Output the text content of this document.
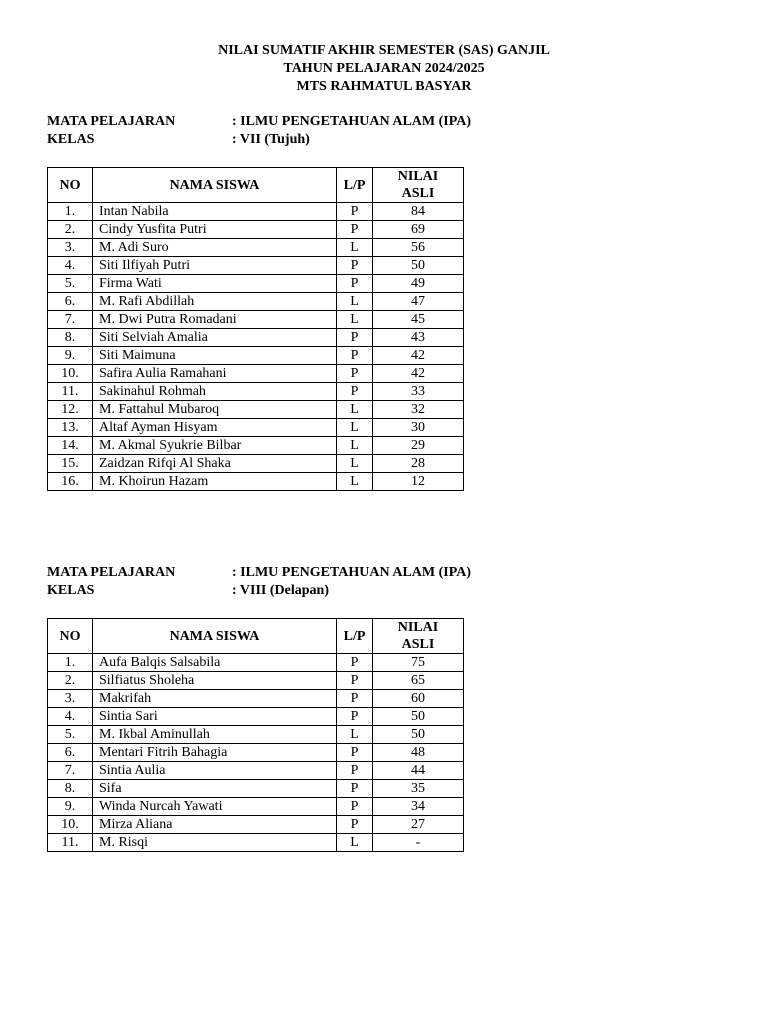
NILAI SUMATIF AKHIR SEMESTER (SAS) GANJIL
TAHUN PELAJARAN 2024/2025
MTS RAHMATUL BASYAR
MATA PELAJARAN	: ILMU PENGETAHUAN ALAM (IPA)
KELAS	: VII (Tujuh)
NO	NAMA SISWA	L/P	NILAI
ASLI
1.	Intan Nabila	P	84
2.	Cindy Yusfita Putri	P	69
3.	M. Adi Suro	L	56
4.	Siti Ilfiyah Putri	P	50
5.	Firma Wati	P	49
6.	M. Rafi Abdillah	L	47
7.	M. Dwi Putra Romadani	L	45
8.	Siti Selviah Amalia	P	43
9.	Siti Maimuna	P	42
10.	Safira Aulia Ramahani	P	42
11.	Sakinahul Rohmah	P	33
12.	M. Fattahul Mubaroq	L	32
13.	Altaf Ayman Hisyam	L	30
14.	M. Akmal Syukrie Bilbar	L	29
15.	Zaidzan Rifqi Al Shaka	L	28
16.	M. Khoirun Hazam	L	12
MATA PELAJARAN	: ILMU PENGETAHUAN ALAM (IPA)
KELAS	: VIII (Delapan)
NO	NAMA SISWA	L/P	NILAI
ASLI
1.	Aufa Balqis Salsabila	P	75
2.	Silfiatus Sholeha	P	65
3.	Makrifah	P	60
4.	Sintia Sari	P	50
5.	M. Ikbal Aminullah	L	50
6.	Mentari Fitrih Bahagia	P	48
7.	Sintia Aulia	P	44
8.	Sifa	P	35
9.	Winda Nurcah Yawati	P	34
10.	Mirza Aliana	P	27
11.	M. Risqi	L	-
